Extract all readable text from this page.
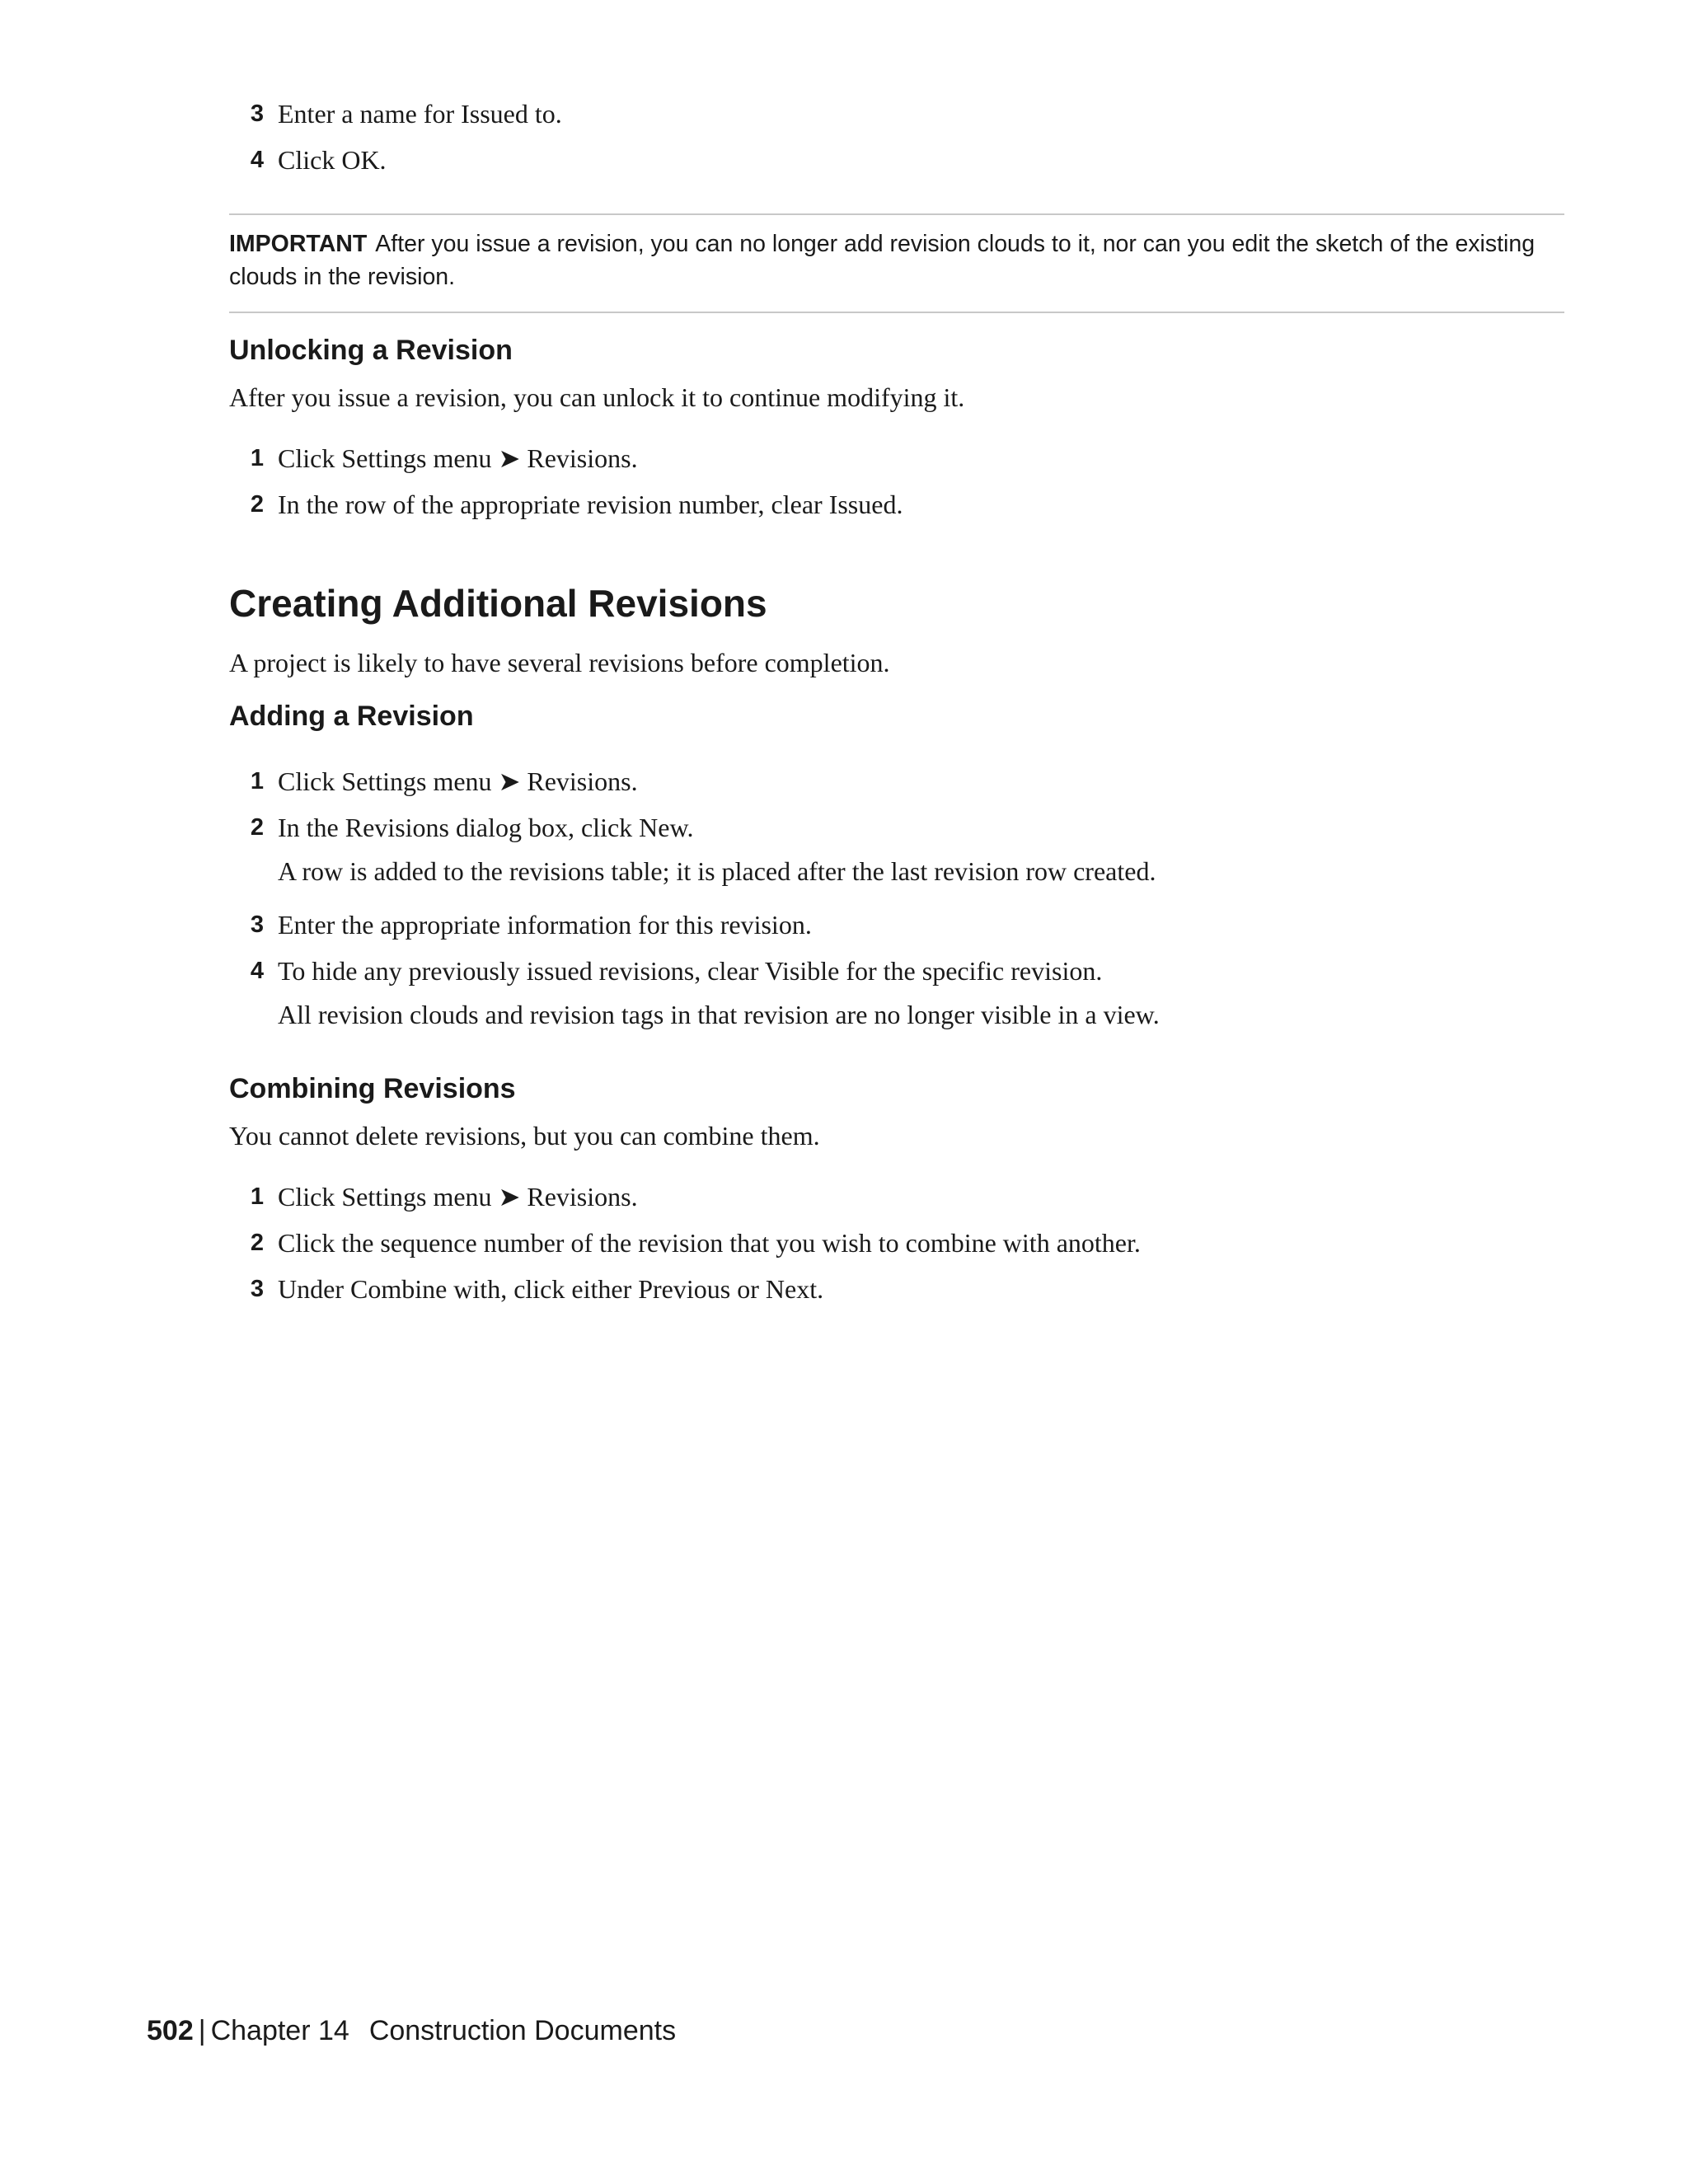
3 Enter a name for Issued to.
4 Click OK.
IMPORTANT After you issue a revision, you can no longer add revision clouds to it, nor can you edit the sketch of the existing clouds in the revision.
Unlocking a Revision
After you issue a revision, you can unlock it to continue modifying it.
1 Click Settings menu ➤ Revisions.
2 In the row of the appropriate revision number, clear Issued.
Creating Additional Revisions
A project is likely to have several revisions before completion.
Adding a Revision
1 Click Settings menu ➤ Revisions.
2 In the Revisions dialog box, click New.
A row is added to the revisions table; it is placed after the last revision row created.
3 Enter the appropriate information for this revision.
4 To hide any previously issued revisions, clear Visible for the specific revision.
All revision clouds and revision tags in that revision are no longer visible in a view.
Combining Revisions
You cannot delete revisions, but you can combine them.
1 Click Settings menu ➤ Revisions.
2 Click the sequence number of the revision that you wish to combine with another.
3 Under Combine with, click either Previous or Next.
502 | Chapter 14 Construction Documents
